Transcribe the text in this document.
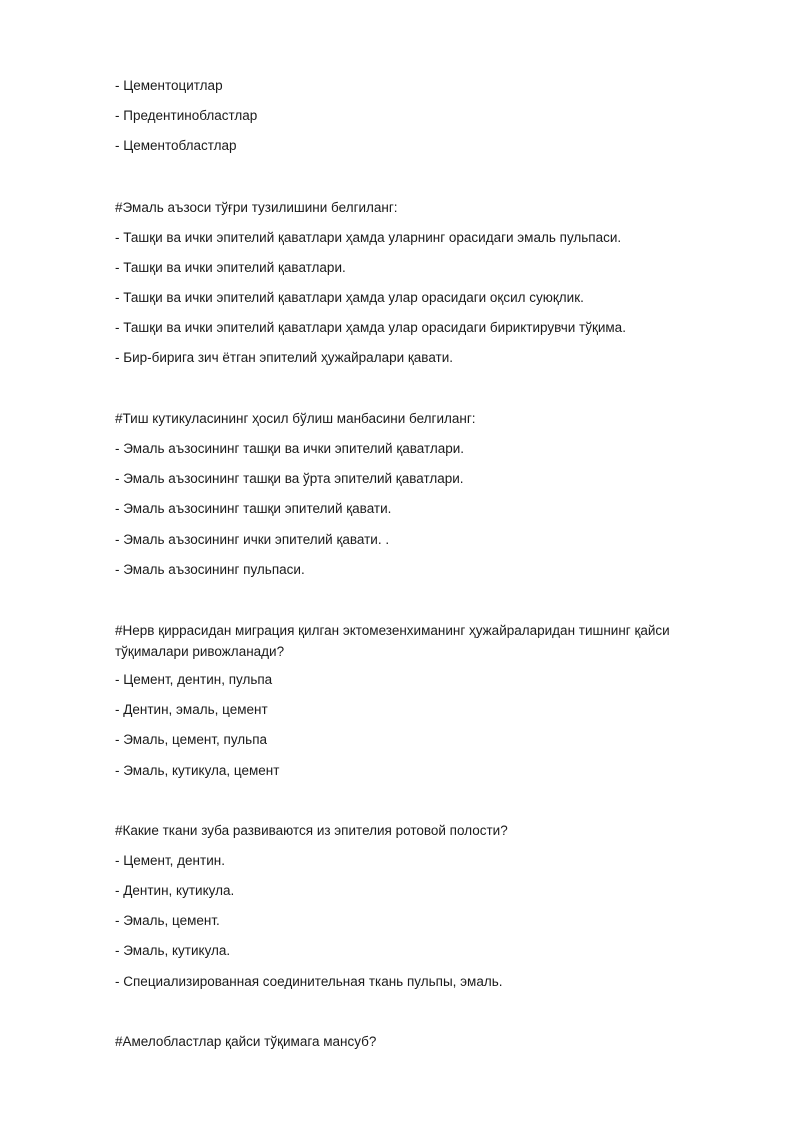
- Цементоцитлар
- Предентинобластлар
- Цементобластлар
#Эмаль аъзоси тўғри тузилишини белгиланг:
- Ташқи ва ички эпителий қаватлари ҳамда уларнинг орасидаги эмаль пульпаси.
- Ташқи ва ички эпителий қаватлари.
- Ташқи ва ички эпителий қаватлари ҳамда улар орасидаги оқсил суюқлик.
- Ташқи ва ички эпителий қаватлари ҳамда улар орасидаги бириктирувчи тўқима.
- Бир-бирига зич ётган эпителий ҳужайралари қавати.
#Тиш кутикуласининг ҳосил бўлиш манбасини белгиланг:
- Эмаль аъзосининг ташқи ва ички эпителий қаватлари.
- Эмаль аъзосининг ташқи ва ўрта эпителий қаватлари.
- Эмаль аъзосининг ташқи эпителий қавати.
- Эмаль аъзосининг ички эпителий қавати. .
- Эмаль аъзосининг пульпаси.
#Нерв қиррасидан миграция қилган эктомезенхиманинг ҳужайраларидан тишнинг қайси тўқималари ривожланади?
- Цемент, дентин, пульпа
- Дентин, эмаль, цемент
- Эмаль, цемент, пульпа
- Эмаль, кутикула, цемент
#Какие ткани зуба развиваются из эпителия ротовой полости?
- Цемент, дентин.
- Дентин, кутикула.
- Эмаль, цемент.
- Эмаль, кутикула.
- Специализированная соединительная ткань пульпы, эмаль.
#Амелобластлар қайси тўқимага мансуб?
